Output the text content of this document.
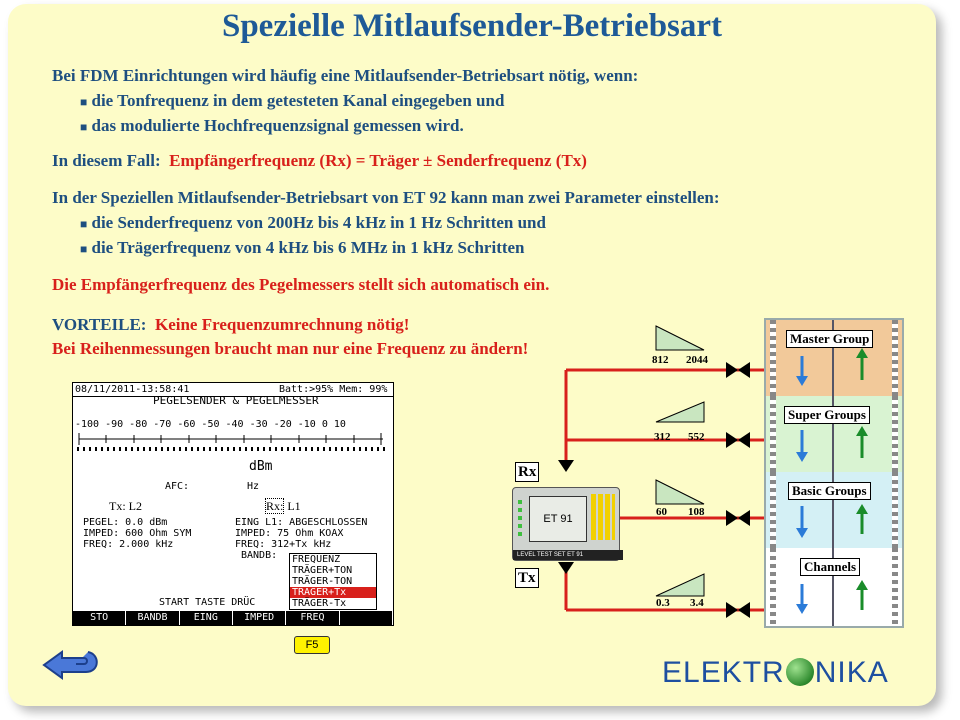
Spezielle Mitlaufsender-Betriebsart
Bei FDM Einrichtungen wird häufig eine Mitlaufsender-Betriebsart nötig, wenn:
■ die Tonfrequenz in dem getesteten Kanal eingegeben und
■ das modulierte Hochfrequenzsignal gemessen wird.
In diesem Fall: Empfängerfrequenz (Rx) = Träger ± Senderfrequenz (Tx)
In der Speziellen Mitlaufsender-Betriebsart von ET 92 kann man zwei Parameter einstellen:
■ die Senderfrequenz von 200Hz bis 4 kHz in 1 Hz Schritten und
■ die Trägerfrequenz von 4 kHz bis 6 MHz in 1 kHz Schritten
Die Empfängerfrequenz des Pegelmessers stellt sich automatisch ein.
VORTEILE: Keine Frequenzumrechnung nötig!
Bei Reihenmessungen braucht man nur eine Frequenz zu ändern!
08/11/2011-13:58:41	Batt:>95% Mem: 99%
PEGELSENDER & PEGELMESSER
-100 -90 -80 -70 -60 -50 -40 -30 -20 -10 0 10
dBm
AFC:	Hz
Tx: L2	Rx: L1
PEGEL: 0.0 dBm
IMPED: 600 Ohm SYM
FREQ: 2.000 kHz
EING L1: ABGESCHLOSSEN
IMPED: 75 Ohm KOAX
FREQ: 312+Tx kHz
BANDB: FREQUENZ
TRÄGER+TON
TRÄGER-TON
TRÄGER+Tx
TRÄGER-Tx
START TASTE DRÜC
STO	BANDB	EING	IMPED	FREQ
F5
812 2044
312 552
60 108
0.3 3.4
Rx
Tx
ET 91
LEVEL TEST SET ET 91
Master Group
Super Groups
Basic Groups
Channels
ELEKTR NIKA
